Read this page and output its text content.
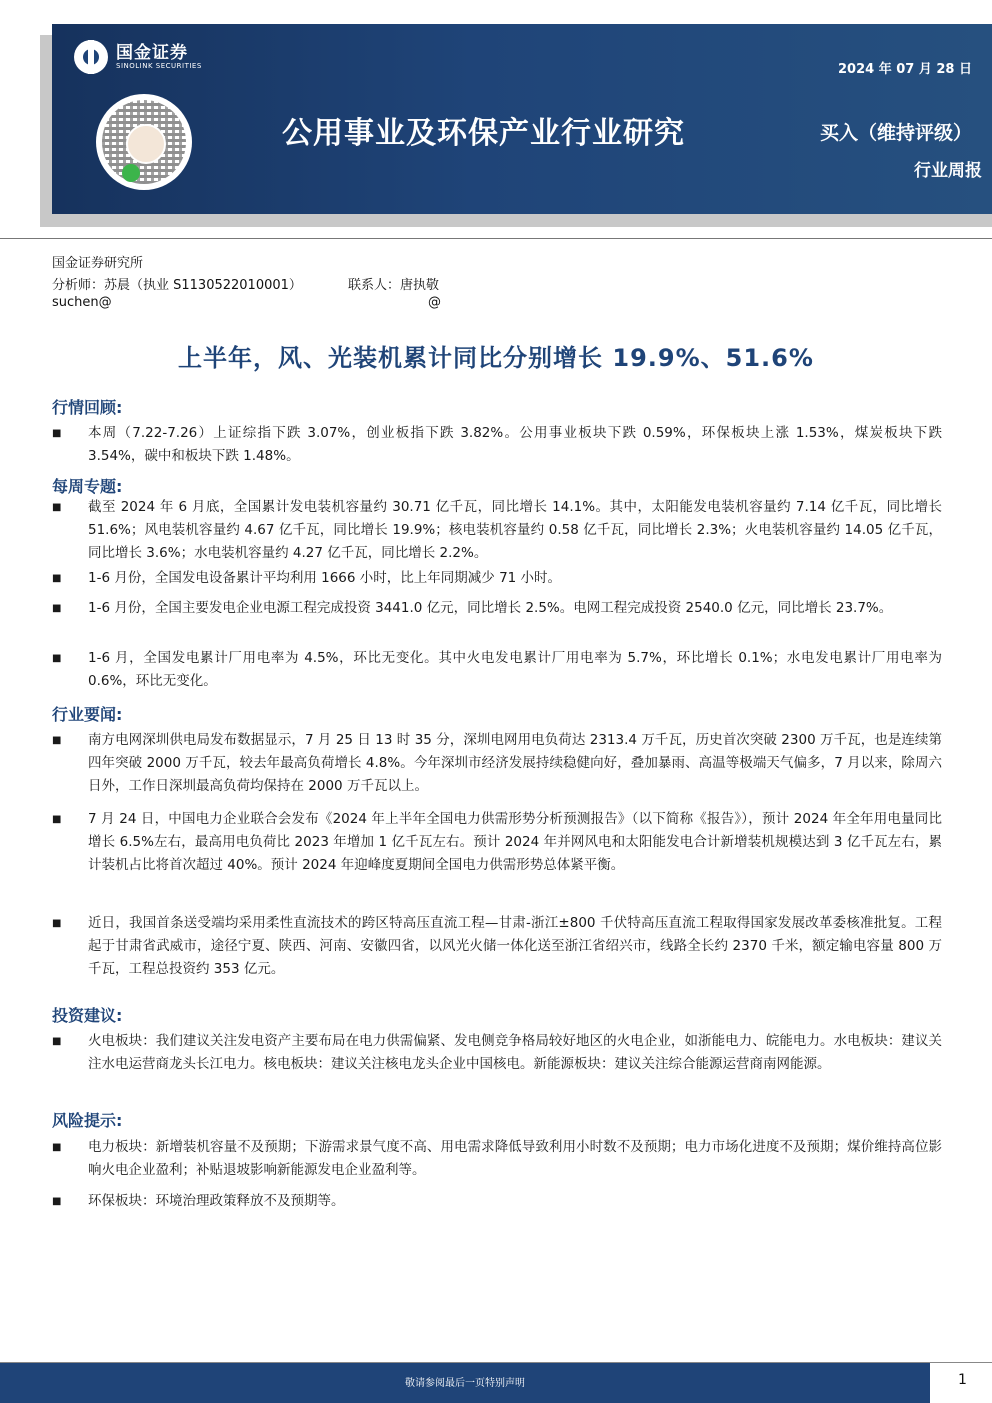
国金证券
SINOLINK SECURITIES	2024 年 07 月 28 日
公用事业及环保产业行业研究	买入（维持评级）
行业周报
国金证券研究所
分析师：苏晨（执业 S1130522010001）	联系人：唐执敬
suchen@	@
上半年，风、光装机累计同比分别增长 19.9%、51.6%
行情回顾:
■	本周（7.22-7.26）上证综指下跌 3.07%，创业板指下跌 3.82%。公用事业板块下跌 0.59%，环保板块上涨 1.53%，煤炭板块下跌 3.54%，碳中和板块下跌 1.48%。
每周专题:
■	截至 2024 年 6 月底，全国累计发电装机容量约 30.71 亿千瓦，同比增长 14.1%。其中，太阳能发电装机容量约 7.14 亿千瓦，同比增长 51.6%；风电装机容量约 4.67 亿千瓦，同比增长 19.9%；核电装机容量约 0.58 亿千瓦，同比增长 2.3%；火电装机容量约 14.05 亿千瓦，同比增长 3.6%；水电装机容量约 4.27 亿千瓦，同比增长 2.2%。
■	1-6 月份，全国发电设备累计平均利用 1666 小时，比上年同期减少 71 小时。
■	1-6 月份，全国主要发电企业电源工程完成投资 3441.0 亿元，同比增长 2.5%。电网工程完成投资 2540.0 亿元，同比增长 23.7%。
■	1-6 月，全国发电累计厂用电率为 4.5%，环比无变化。其中火电发电累计厂用电率为 5.7%，环比增长 0.1%；水电发电累计厂用电率为 0.6%，环比无变化。
行业要闻:
■	南方电网深圳供电局发布数据显示，7 月 25 日 13 时 35 分，深圳电网用电负荷达 2313.4 万千瓦，历史首次突破 2300 万千瓦，也是连续第四年突破 2000 万千瓦，较去年最高负荷增长 4.8%。今年深圳市经济发展持续稳健向好，叠加暴雨、高温等极端天气偏多，7 月以来，除周六日外，工作日深圳最高负荷均保持在 2000 万千瓦以上。
■	7 月 24 日，中国电力企业联合会发布《2024 年上半年全国电力供需形势分析预测报告》（以下简称《报告》），预计 2024 年全年用电量同比增长 6.5%左右，最高用电负荷比 2023 年增加 1 亿千瓦左右。预计 2024 年并网风电和太阳能发电合计新增装机规模达到 3 亿千瓦左右，累计装机占比将首次超过 40%。预计 2024 年迎峰度夏期间全国电力供需形势总体紧平衡。
■	近日，我国首条送受端均采用柔性直流技术的跨区特高压直流工程—甘肃-浙江±800 千伏特高压直流工程取得国家发展改革委核准批复。工程起于甘肃省武威市，途径宁夏、陕西、河南、安徽四省，以风光火储一体化送至浙江省绍兴市，线路全长约 2370 千米，额定输电容量 800 万千瓦，工程总投资约 353 亿元。
投资建议:
■	火电板块：我们建议关注发电资产主要布局在电力供需偏紧、发电侧竞争格局较好地区的火电企业，如浙能电力、皖能电力。水电板块：建议关注水电运营商龙头长江电力。核电板块：建议关注核电龙头企业中国核电。新能源板块：建议关注综合能源运营商南网能源。
风险提示:
■	电力板块：新增装机容量不及预期；下游需求景气度不高、用电需求降低导致利用小时数不及预期；电力市场化进度不及预期；煤价维持高位影响火电企业盈利；补贴退坡影响新能源发电企业盈利等。
■	环保板块：环境治理政策释放不及预期等。
敬请参阅最后一页特别声明	1
